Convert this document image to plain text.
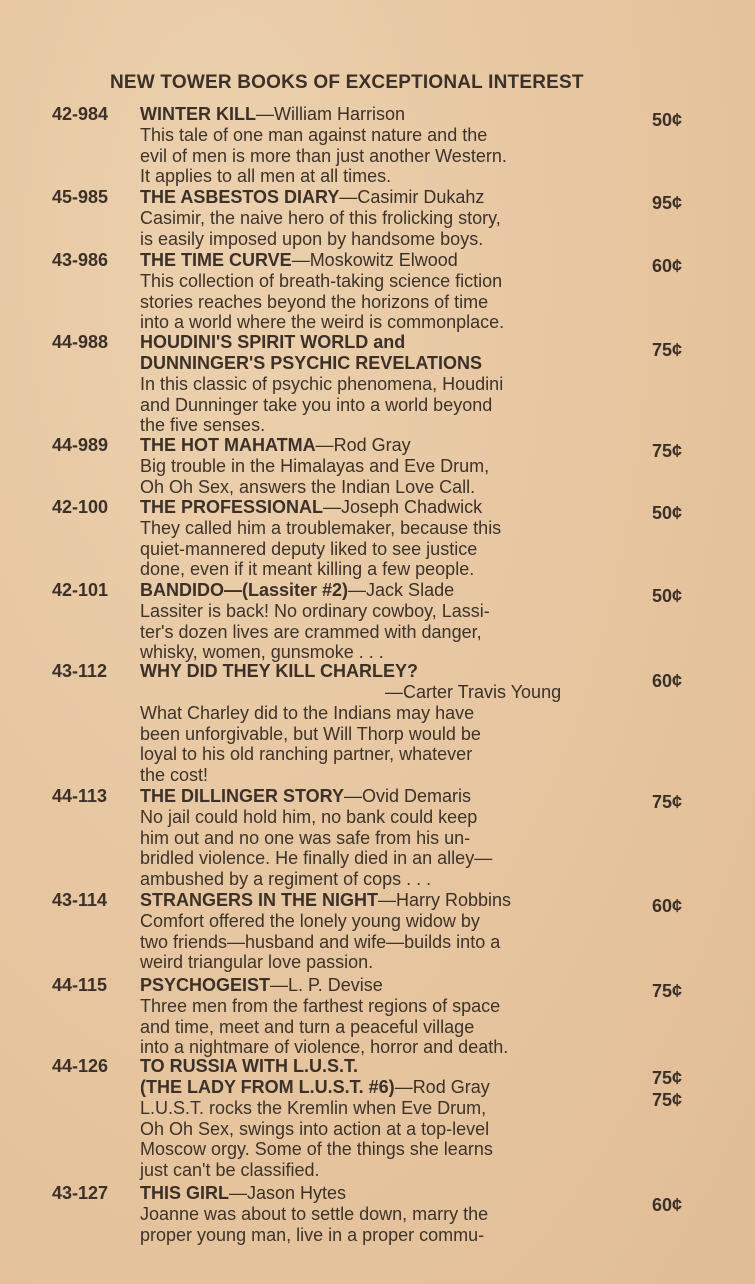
NEW TOWER BOOKS OF EXCEPTIONAL INTEREST
42-984 WINTER KILL—William Harrison
This tale of one man against nature and the
evil of men is more than just another Western.
It applies to all men at all times.
50¢
45-985 THE ASBESTOS DIARY—Casimir Dukahz
Casimir, the naive hero of this frolicking story,
is easily imposed upon by handsome boys.
95¢
43-986 THE TIME CURVE—Moskowitz Elwood
This collection of breath-taking science fiction
stories reaches beyond the horizons of time
into a world where the weird is commonplace.
60¢
44-988 HOUDINI'S SPIRIT WORLD and
DUNNINGER'S PSYCHIC REVELATIONS
In this classic of psychic phenomena, Houdini
and Dunninger take you into a world beyond
the five senses.
75¢
44-989 THE HOT MAHATMA—Rod Gray
Big trouble in the Himalayas and Eve Drum,
Oh Oh Sex, answers the Indian Love Call.
75¢
42-100 THE PROFESSIONAL—Joseph Chadwick
They called him a troublemaker, because this
quiet-mannered deputy liked to see justice
done, even if it meant killing a few people.
50¢
42-101 BANDIDO—(Lassiter #2)—Jack Slade
Lassiter is back! No ordinary cowboy, Lassi-
ter's dozen lives are crammed with danger,
whisky, women, gunsmoke . . .
50¢
43-112 WHY DID THEY KILL CHARLEY?
—Carter Travis Young
What Charley did to the Indians may have
been unforgivable, but Will Thorp would be
loyal to his old ranching partner, whatever
the cost!
60¢
44-113 THE DILLINGER STORY—Ovid Demaris
No jail could hold him, no bank could keep
him out and no one was safe from his un-
bridled violence. He finally died in an alley—
ambushed by a regiment of cops . . .
75¢
43-114 STRANGERS IN THE NIGHT—Harry Robbins
Comfort offered the lonely young widow by
two friends—husband and wife—builds into a
weird triangular love passion.
60¢
44-115 PSYCHOGEIST—L. P. Devise
Three men from the farthest regions of space
and time, meet and turn a peaceful village
into a nightmare of violence, horror and death.
75¢
44-126 TO RUSSIA WITH L.U.S.T.
(THE LADY FROM L.U.S.T. #6)—Rod Gray
L.U.S.T. rocks the Kremlin when Eve Drum,
Oh Oh Sex, swings into action at a top-level
Moscow orgy. Some of the things she learns
just can't be classified.
75¢
75¢
43-127 THIS GIRL—Jason Hytes
Joanne was about to settle down, marry the
proper young man, live in a proper commu-
60¢
